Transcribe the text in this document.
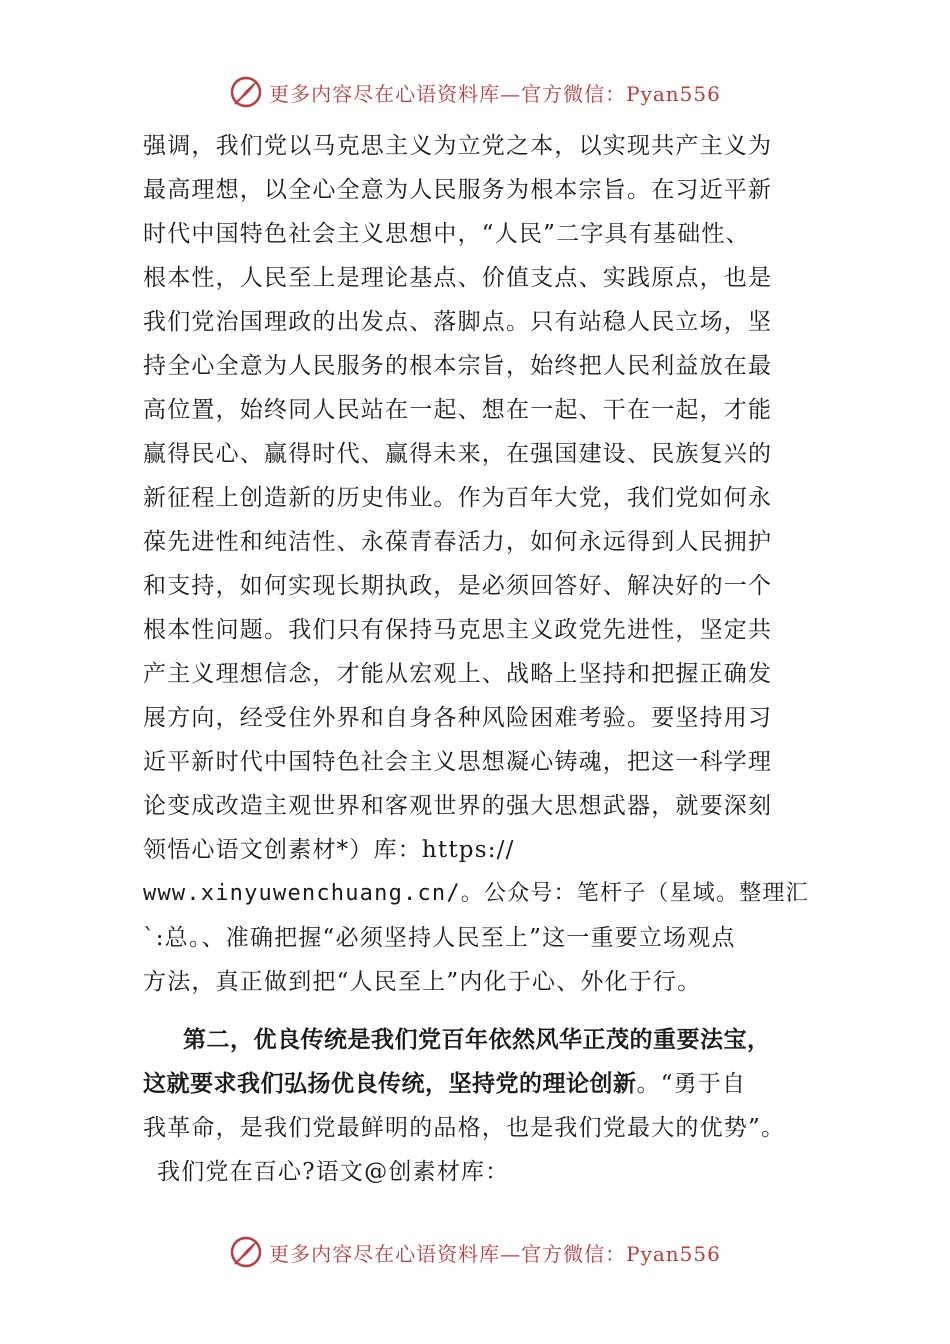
更多内容尽在心语资料库—官方微信：Pyan556
强调，我们党以马克思主义为立党之本，以实现共产主义为
最高理想，以全心全意为人民服务为根本宗旨。在习近平新
时代中国特色社会主义思想中，“人民”二字具有基础性、
根本性，人民至上是理论基点、价值支点、实践原点，也是
我们党治国理政的出发点、落脚点。只有站稳人民立场，坚
持全心全意为人民服务的根本宗旨，始终把人民利益放在最
高位置，始终同人民站在一起、想在一起、干在一起，才能
赢得民心、赢得时代、赢得未来，在强国建设、民族复兴的
新征程上创造新的历史伟业。作为百年大党，我们党如何永
葆先进性和纯洁性、永葆青春活力，如何永远得到人民拥护
和支持，如何实现长期执政，是必须回答好、解决好的一个
根本性问题。我们只有保持马克思主义政党先进性，坚定共
产主义理想信念，才能从宏观上、战略上坚持和把握正确发
展方向，经受住外界和自身各种风险困难考验。要坚持用习
近平新时代中国特色社会主义思想凝心铸魂，把这一科学理
论变成改造主观世界和客观世界的强大思想武器，就要深刻
领悟心语文创素材*）库：https://
www.xinyuwenchuang.cn/。公众号：笔杆子（星域。整理汇
`:总。、准确把握“必须坚持人民至上”这一重要立场观点
方法，真正做到把“人民至上”内化于心、外化于行。
第二，优良传统是我们党百年依然风华正茂的重要法宝，
这就要求我们弘扬优良传统，坚持党的理论创新。“勇于自
我革命，是我们党最鲜明的品格，也是我们党最大的优势”。
我们党在百心?语文@创素材库：
更多内容尽在心语资料库—官方微信：Pyan556
